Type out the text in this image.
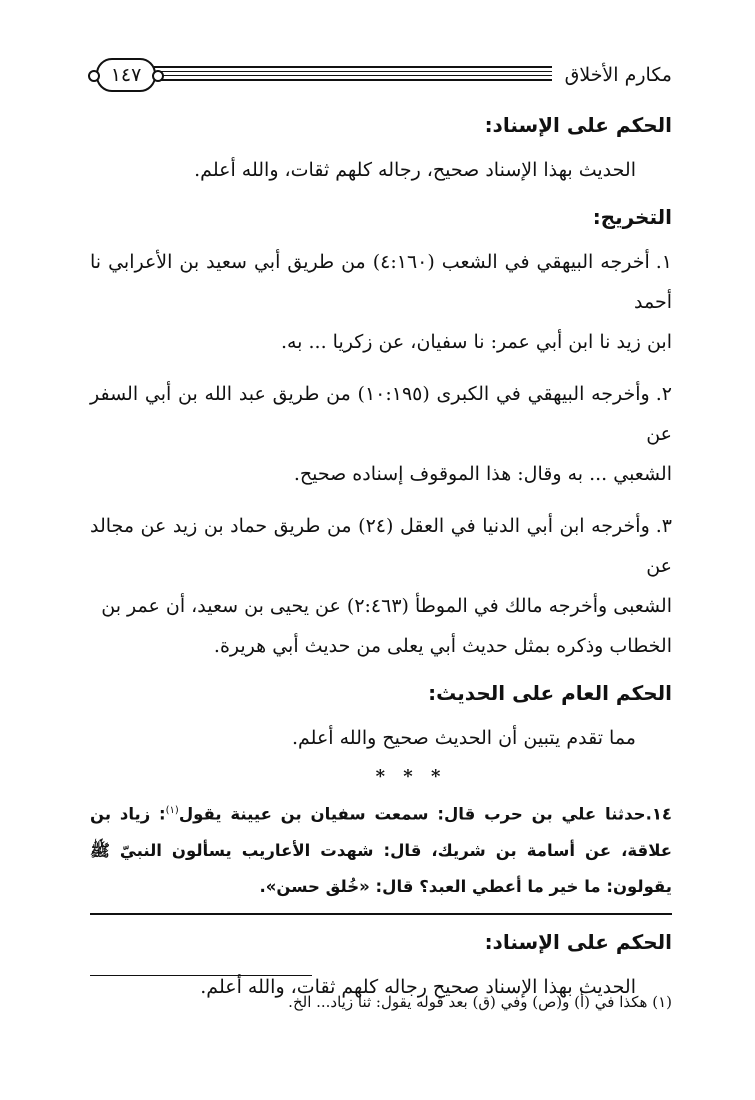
مكارم الأخلاق
١٤٧
الحكم على الإسناد:

الحديث بهذا الإسناد صحيح، رجاله كلهم ثقات، والله أعلم.

التخريج:

١.أخرجه البيهقي في الشعب (٤:١٦٠) من طريق أبي سعيد بن الأعرابي نا أحمد
ابن زيد نا ابن أبي عمر: نا سفيان، عن زكريا ... به.

٢.وأخرجه البيهقي في الكبرى (١٠:١٩٥) من طريق عبد الله بن أبي السفر عن
الشعبي ... به وقال: هذا الموقوف إسناده صحيح.

٣.وأخرجه ابن أبي الدنيا في العقل (٢٤) من طريق حماد بن زيد عن مجالد عن
الشعبى وأخرجه مالك في الموطأ (٢:٤٦٣) عن يحيى بن سعيد، أن عمر بن
الخطاب وذكره بمثل حديث أبي يعلى من حديث أبي هريرة.

الحكم العام على الحديث:

مما تقدم يتبين أن الحديث صحيح والله أعلم.

* * *

١٤.حدثنا علي بن حرب قال: سمعت سفيان بن عيينة يقول$^{(١)}$: زياد بن علاقة، عن أسامة بن شريك، قال: شهدت الأعاريب يسألون النبيّ ﷺ يقولون: ما خير ما أعطي العبد؟ قال: «خُلق حسن».

الحكم على الإسناد:

الحديث بهذا الإسناد صحيح رجاله كلهم ثقات، والله أعلم.

(١) هكذا في (أ) و(ص) وفي (ق) بعد قوله يقول: ثنا زياد... الخ.
